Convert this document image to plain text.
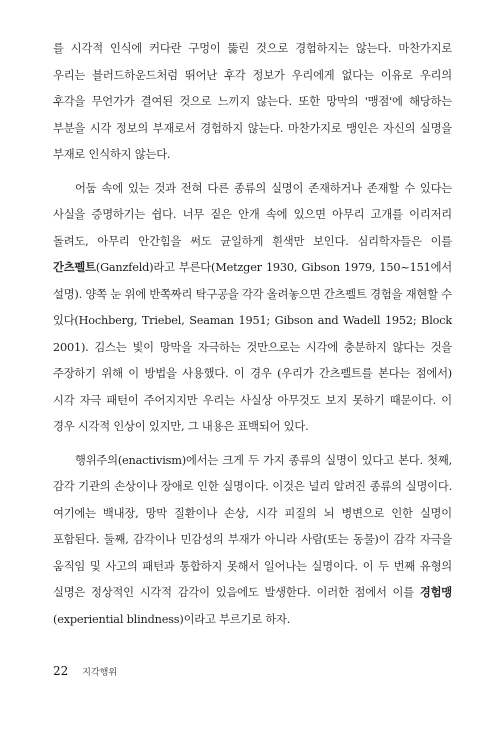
를 시각적 인식에 커다란 구멍이 뚫린 것으로 경험하지는 않는다. 마찬가지로 우리는 블러드하운드처럼 뛰어난 후각 정보가 우리에게 없다는 이유로 우리의 후각을 무언가가 결여된 것으로 느끼지 않는다. 또한 망막의 '맹점'에 해당하는 부분을 시각 정보의 부재로서 경험하지 않는다. 마찬가지로 맹인은 자신의 실명을 부재로 인식하지 않는다.

어둠 속에 있는 것과 전혀 다른 종류의 실명이 존재하거나 존재할 수 있다는 사실을 증명하기는 쉽다. 너무 짙은 안개 속에 있으면 아무리 고개를 이리저리 돌려도, 아무리 안간힘을 써도 균일하게 흰색만 보인다. 심리학자들은 이를 간츠펠트(Ganzfeld)라고 부른다(Metzger 1930, Gibson 1979, 150~151에서 설명). 양쪽 눈 위에 반쪽짜리 탁구공을 각각 올려놓으면 간츠펠트 경험을 재현할 수 있다(Hochberg, Triebel, Seaman 1951; Gibson and Wadell 1952; Block 2001). 김스는 빛이 망막을 자극하는 것만으로는 시각에 충분하지 않다는 것을 주장하기 위해 이 방법을 사용했다. 이 경우 (우리가 간츠펠트를 본다는 점에서) 시각 자극 패턴이 주어지지만 우리는 사실상 아무것도 보지 못하기 때문이다. 이 경우 시각적 인상이 있지만, 그 내용은 표백되어 있다.

행위주의(enactivism)에서는 크게 두 가지 종류의 실명이 있다고 본다. 첫째, 감각 기관의 손상이나 장애로 인한 실명이다. 이것은 널리 알려진 종류의 실명이다. 여기에는 백내장, 망막 질환이나 손상, 시각 피질의 뇌 병변으로 인한 실명이 포함된다. 둘째, 감각이나 민감성의 부재가 아니라 사람(또는 동물)이 감각 자극을 움직임 및 사고의 패턴과 통합하지 못해서 일어나는 실명이다. 이 두 번째 유형의 실명은 정상적인 시각적 감각이 있음에도 발생한다. 이러한 점에서 이를 경험맹(experiential blindness)이라고 부르기로 하자.

22 지각행위
